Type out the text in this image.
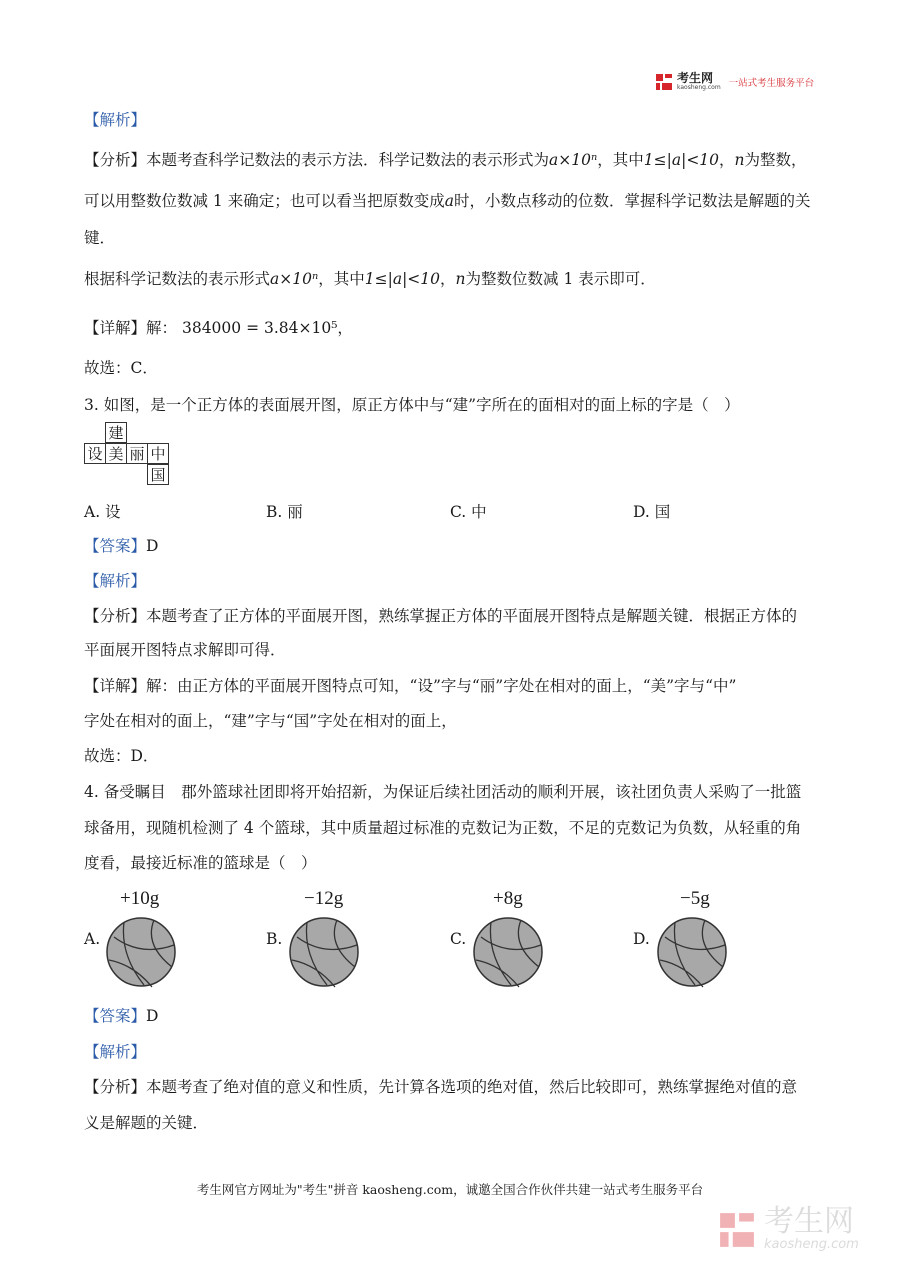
考生网
kaosheng.com 一站式考生服务平台
【解析】
【分析】本题考查科学记数法的表示方法．科学记数法的表示形式为a×10ⁿ，其中1≤|a|<10，n为整数，
可以用整数位数减 1 来确定；也可以看当把原数变成a时，小数点移动的位数．掌握科学记数法是解题的关
键．
根据科学记数法的表示形式a×10ⁿ，其中1≤|a|<10，n为整数位数减 1 表示即可．
【详解】解： 384000 = 3.84×10⁵，
故选：C．
3. 如图，是一个正方体的表面展开图，原正方体中与“建”字所在的面相对的面上标的字是（　）
建
设 美 丽 中
国
A. 设	B. 丽	C. 中	D. 国
【答案】D
【解析】
【分析】本题考查了正方体的平面展开图，熟练掌握正方体的平面展开图特点是解题关键．根据正方体的
平面展开图特点求解即可得．
【详解】解：由正方体的平面展开图特点可知，“设”字与“丽”字处在相对的面上，“美”字与“中”
字处在相对的面上，“建”字与“国”字处在相对的面上，
故选：D．
4. 备受瞩目　郡外篮球社团即将开始招新，为保证后续社团活动的顺利开展，该社团负责人采购了一批篮
球备用，现随机检测了 4 个篮球，其中质量超过标准的克数记为正数，不足的克数记为负数，从轻重的角
度看，最接近标准的篮球是（　）
A.
+10g
B.
−12g
C.
+8g
D.
−5g
【答案】D
【解析】
【分析】本题考查了绝对值的意义和性质，先计算各选项的绝对值，然后比较即可，熟练掌握绝对值的意
义是解题的关键．
考生网官方网址为"考生"拼音 kaosheng.com，诚邀全国合作伙伴共建一站式考生服务平台
考生网
kaosheng.com
